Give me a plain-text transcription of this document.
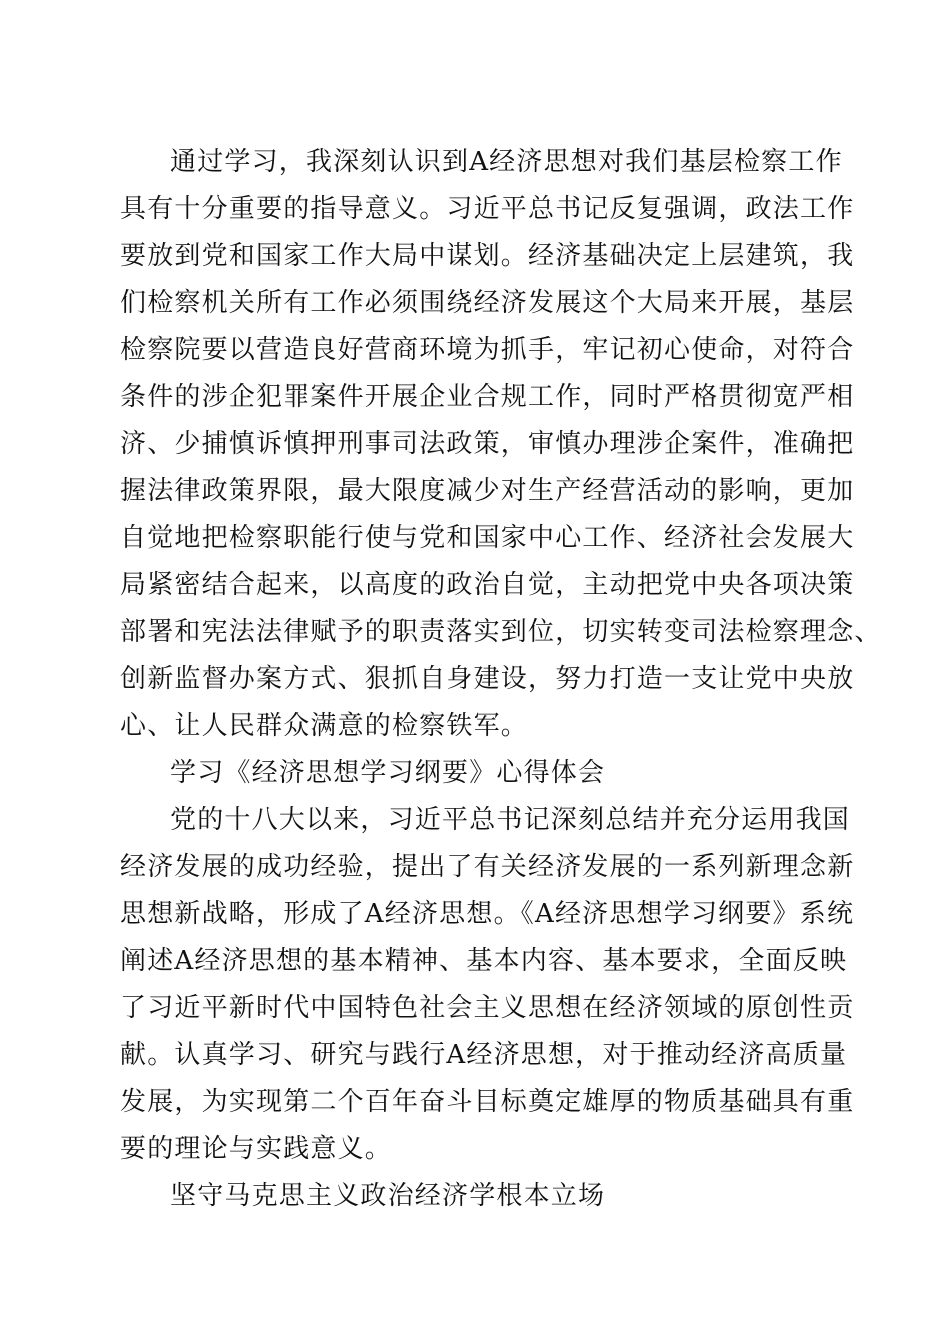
通过学习，我深刻认识到A经济思想对我们基层检察工作
具有十分重要的指导意义。习近平总书记反复强调，政法工作
要放到党和国家工作大局中谋划。经济基础决定上层建筑，我
们检察机关所有工作必须围绕经济发展这个大局来开展，基层
检察院要以营造良好营商环境为抓手，牢记初心使命，对符合
条件的涉企犯罪案件开展企业合规工作，同时严格贯彻宽严相
济、少捕慎诉慎押刑事司法政策，审慎办理涉企案件，准确把
握法律政策界限，最大限度减少对生产经营活动的影响，更加
自觉地把检察职能行使与党和国家中心工作、经济社会发展大
局紧密结合起来，以高度的政治自觉，主动把党中央各项决策
部署和宪法法律赋予的职责落实到位，切实转变司法检察理念、
创新监督办案方式、狠抓自身建设，努力打造一支让党中央放
心、让人民群众满意的检察铁军。
学习《经济思想学习纲要》心得体会
党的十八大以来，习近平总书记深刻总结并充分运用我国
经济发展的成功经验，提出了有关经济发展的一系列新理念新
思想新战略，形成了A经济思想。《A经济思想学习纲要》系统
阐述A经济思想的基本精神、基本内容、基本要求，全面反映
了习近平新时代中国特色社会主义思想在经济领域的原创性贡
献。认真学习、研究与践行A经济思想，对于推动经济高质量
发展，为实现第二个百年奋斗目标奠定雄厚的物质基础具有重
要的理论与实践意义。
坚守马克思主义政治经济学根本立场
